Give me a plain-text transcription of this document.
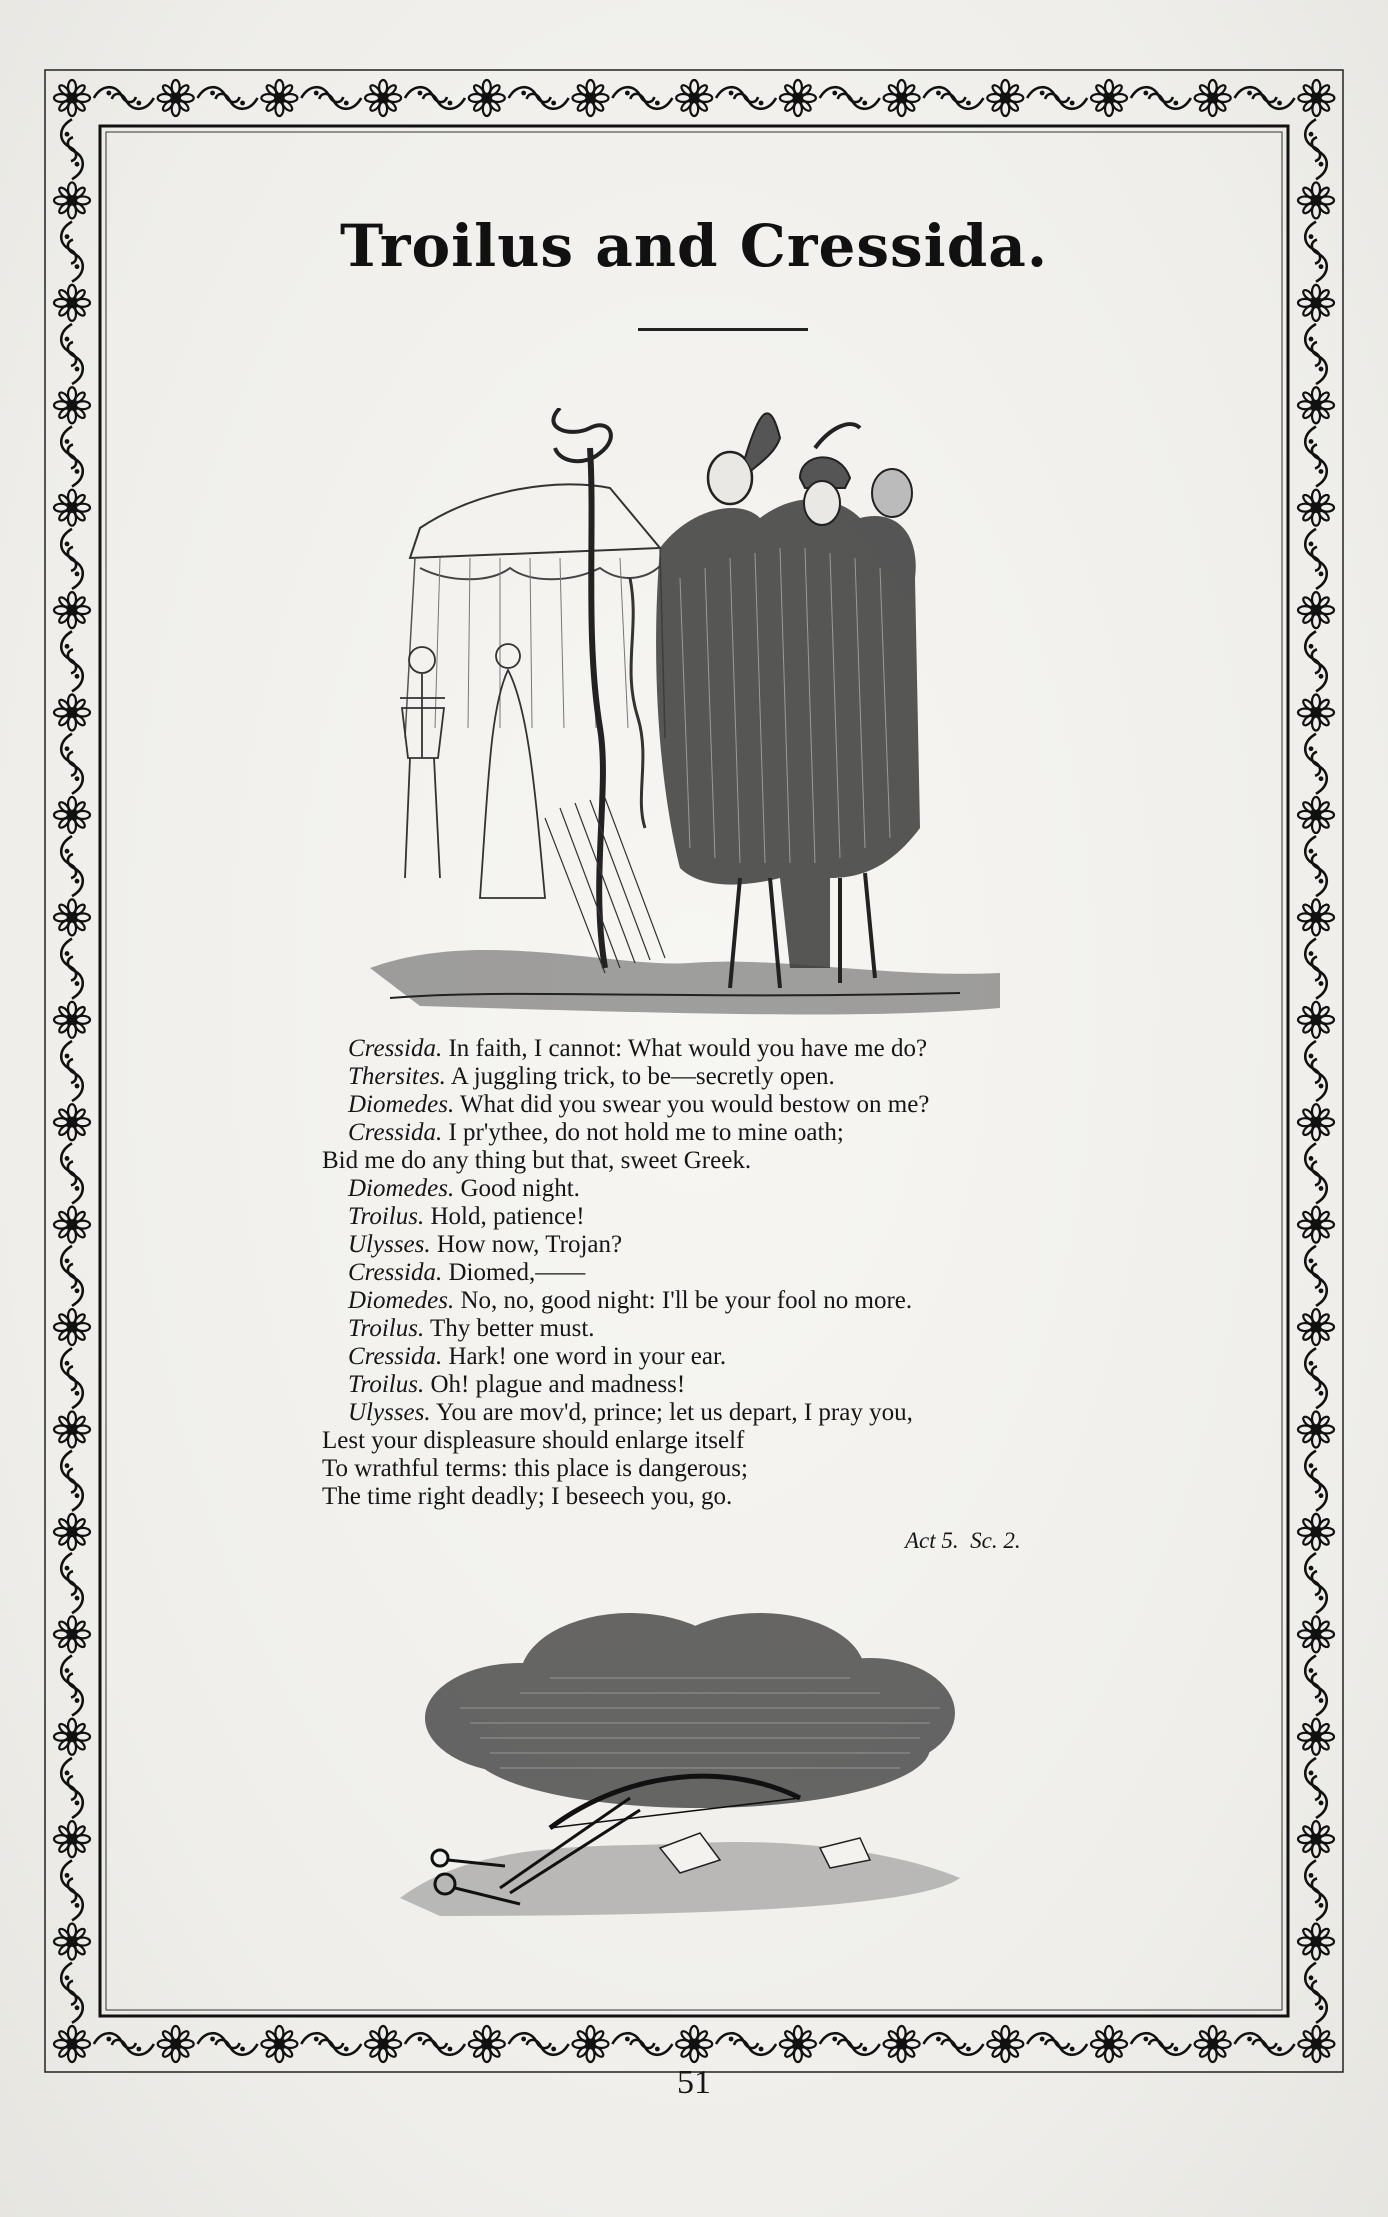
Troilus and Cressida.
Cressida. In faith, I cannot: What would you have me do?
Thersites. A juggling trick, to be—secretly open.
Diomedes. What did you swear you would bestow on me?
Cressida. I pr'ythee, do not hold me to mine oath;
Bid me do any thing but that, sweet Greek.
Diomedes. Good night.
Troilus. Hold, patience!
Ulysses. How now, Trojan?
Cressida. Diomed,——
Diomedes. No, no, good night: I'll be your fool no more.
Troilus. Thy better must.
Cressida. Hark! one word in your ear.
Troilus. Oh! plague and madness!
Ulysses. You are mov'd, prince; let us depart, I pray you,
Lest your displeasure should enlarge itself
To wrathful terms: this place is dangerous;
The time right deadly; I beseech you, go.
Act 5. Sc. 2.
51
